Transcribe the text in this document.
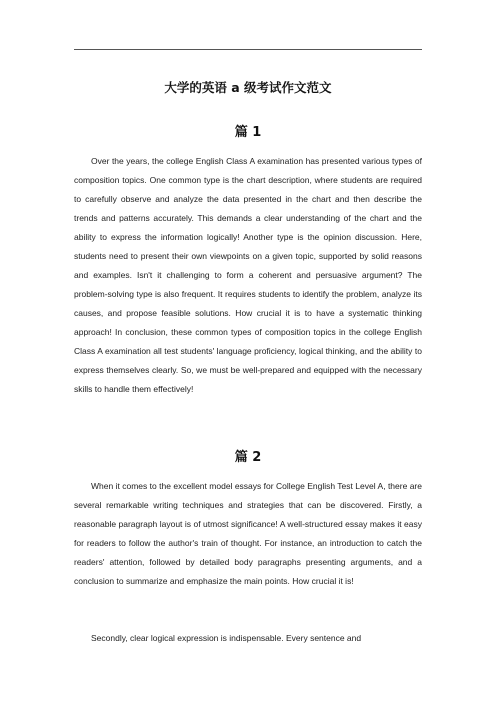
大学的英语 a 级考试作文范文
篇 1

Over the years, the college English Class A examination has presented various types of composition topics. One common type is the chart description, where students are required to carefully observe and analyze the data presented in the chart and then describe the trends and patterns accurately. This demands a clear understanding of the chart and the ability to express the information logically! Another type is the opinion discussion. Here, students need to present their own viewpoints on a given topic, supported by solid reasons and examples. Isn't it challenging to form a coherent and persuasive argument? The problem-solving type is also frequent. It requires students to identify the problem, analyze its causes, and propose feasible solutions. How crucial it is to have a systematic thinking approach! In conclusion, these common types of composition topics in the college English Class A examination all test students' language proficiency, logical thinking, and the ability to express themselves clearly. So, we must be well-prepared and equipped with the necessary skills to handle them effectively!

篇 2

When it comes to the excellent model essays for College English Test Level A, there are several remarkable writing techniques and strategies that can be discovered. Firstly, a reasonable paragraph layout is of utmost significance! A well-structured essay makes it easy for readers to follow the author's train of thought. For instance, an introduction to catch the readers' attention, followed by detailed body paragraphs presenting arguments, and a conclusion to summarize and emphasize the main points. How crucial it is!

Secondly, clear logical expression is indispensable. Every sentence and
